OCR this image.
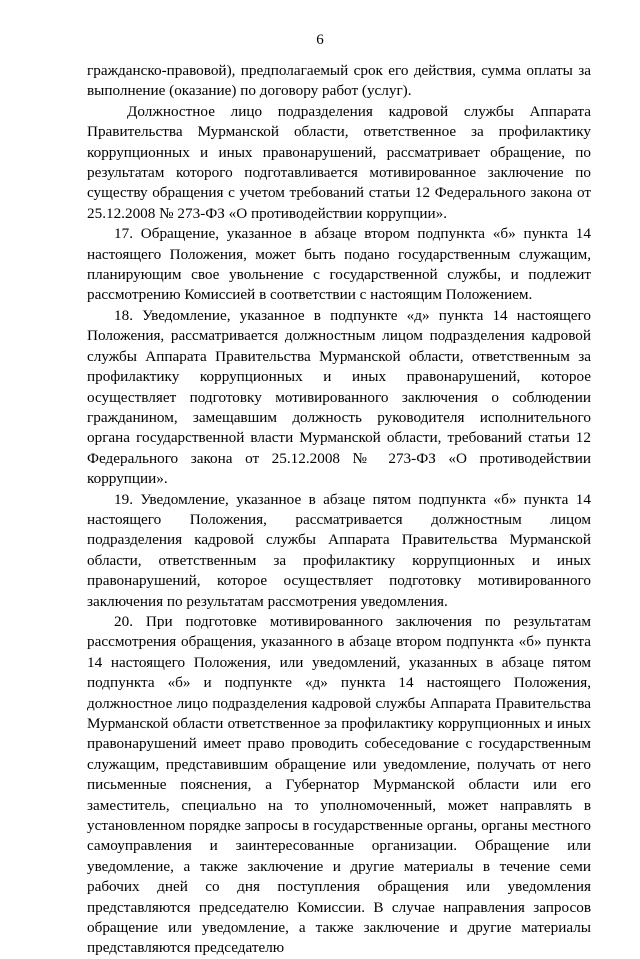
6

гражданско-правовой), предполагаемый срок его действия, сумма оплаты за выполнение (оказание) по договору работ (услуг).

Должностное лицо подразделения кадровой службы Аппарата Правительства Мурманской области, ответственное за профилактику коррупционных и иных правонарушений, рассматривает обращение, по результатам которого подготавливается мотивированное заключение по существу обращения с учетом требований статьи 12 Федерального закона от 25.12.2008 № 273-ФЗ «О противодействии коррупции».

17. Обращение, указанное в абзаце втором подпункта «б» пункта 14 настоящего Положения, может быть подано государственным служащим, планирующим свое увольнение с государственной службы, и подлежит рассмотрению Комиссией в соответствии с настоящим Положением.

18. Уведомление, указанное в подпункте «д» пункта 14 настоящего Положения, рассматривается должностным лицом подразделения кадровой службы Аппарата Правительства Мурманской области, ответственным за профилактику коррупционных и иных правонарушений, которое осуществляет подготовку мотивированного заключения о соблюдении гражданином, замещавшим должность руководителя исполнительного органа государственной власти Мурманской области, требований статьи 12 Федерального закона от 25.12.2008 № 273-ФЗ «О противодействии коррупции».

19. Уведомление, указанное в абзаце пятом подпункта «б» пункта 14 настоящего Положения, рассматривается должностным лицом подразделения кадровой службы Аппарата Правительства Мурманской области, ответственным за профилактику коррупционных и иных правонарушений, которое осуществляет подготовку мотивированного заключения по результатам рассмотрения уведомления.

20. При подготовке мотивированного заключения по результатам рассмотрения обращения, указанного в абзаце втором подпункта «б» пункта 14 настоящего Положения, или уведомлений, указанных в абзаце пятом подпункта «б» и подпункте «д» пункта 14 настоящего Положения, должностное лицо подразделения кадровой службы Аппарата Правительства Мурманской области ответственное за профилактику коррупционных и иных правонарушений имеет право проводить собеседование с государственным служащим, представившим обращение или уведомление, получать от него письменные пояснения, а Губернатор Мурманской области или его заместитель, специально на то уполномоченный, может направлять в установленном порядке запросы в государственные органы, органы местного самоуправления и заинтересованные организации. Обращение или уведомление, а также заключение и другие материалы в течение семи рабочих дней со дня поступления обращения или уведомления представляются председателю Комиссии. В случае направления запросов обращение или уведомление, а также заключение и другие материалы представляются председателю
